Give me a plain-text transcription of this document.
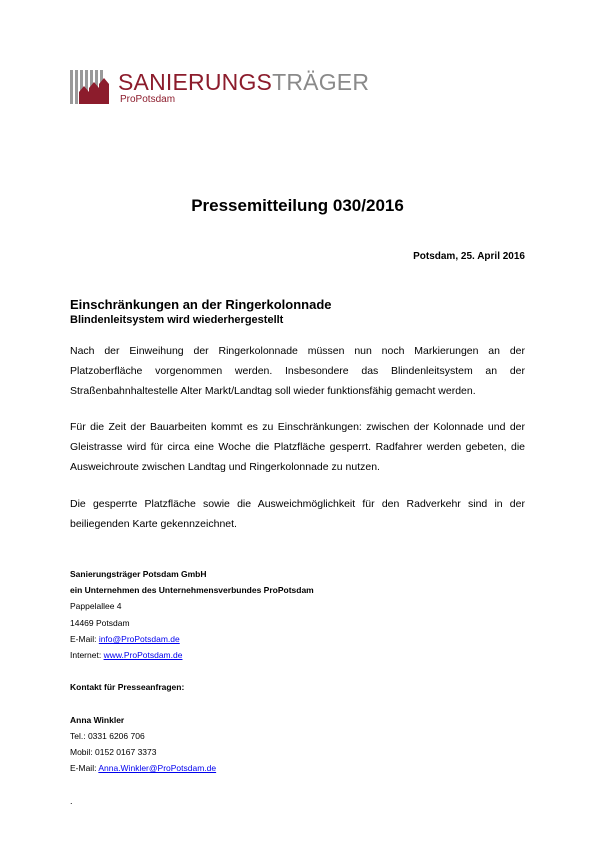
SANIERUNGSTRÄGER
ProPotsdam
Pressemitteilung 030/2016
Potsdam, 25. April 2016
Einschränkungen an der Ringerkolonnade
Blindenleitsystem wird wiederhergestellt
Nach der Einweihung der Ringerkolonnade müssen nun noch Markierungen an der Platzoberfläche vorgenommen werden. Insbesondere das Blindenleitsystem an der Straßenbahnhaltestelle Alter Markt/Landtag soll wieder funktionsfähig gemacht werden.
Für die Zeit der Bauarbeiten kommt es zu Einschränkungen: zwischen der Kolonnade und der Gleistrasse wird für circa eine Woche die Platzfläche gesperrt. Radfahrer werden gebeten, die Ausweichroute zwischen Landtag und Ringerkolonnade zu nutzen.
Die gesperrte Platzfläche sowie die Ausweichmöglichkeit für den Radverkehr sind in der beiliegenden Karte gekennzeichnet.
Sanierungsträger Potsdam GmbH
ein Unternehmen des Unternehmensverbundes ProPotsdam
Pappelallee 4
14469 Potsdam
E-Mail: info@ProPotsdam.de
Internet: www.ProPotsdam.de
Kontakt für Presseanfragen:
Anna Winkler
Tel.: 0331 6206 706
Mobil: 0152 0167 3373
E-Mail: Anna.Winkler@ProPotsdam.de
.
